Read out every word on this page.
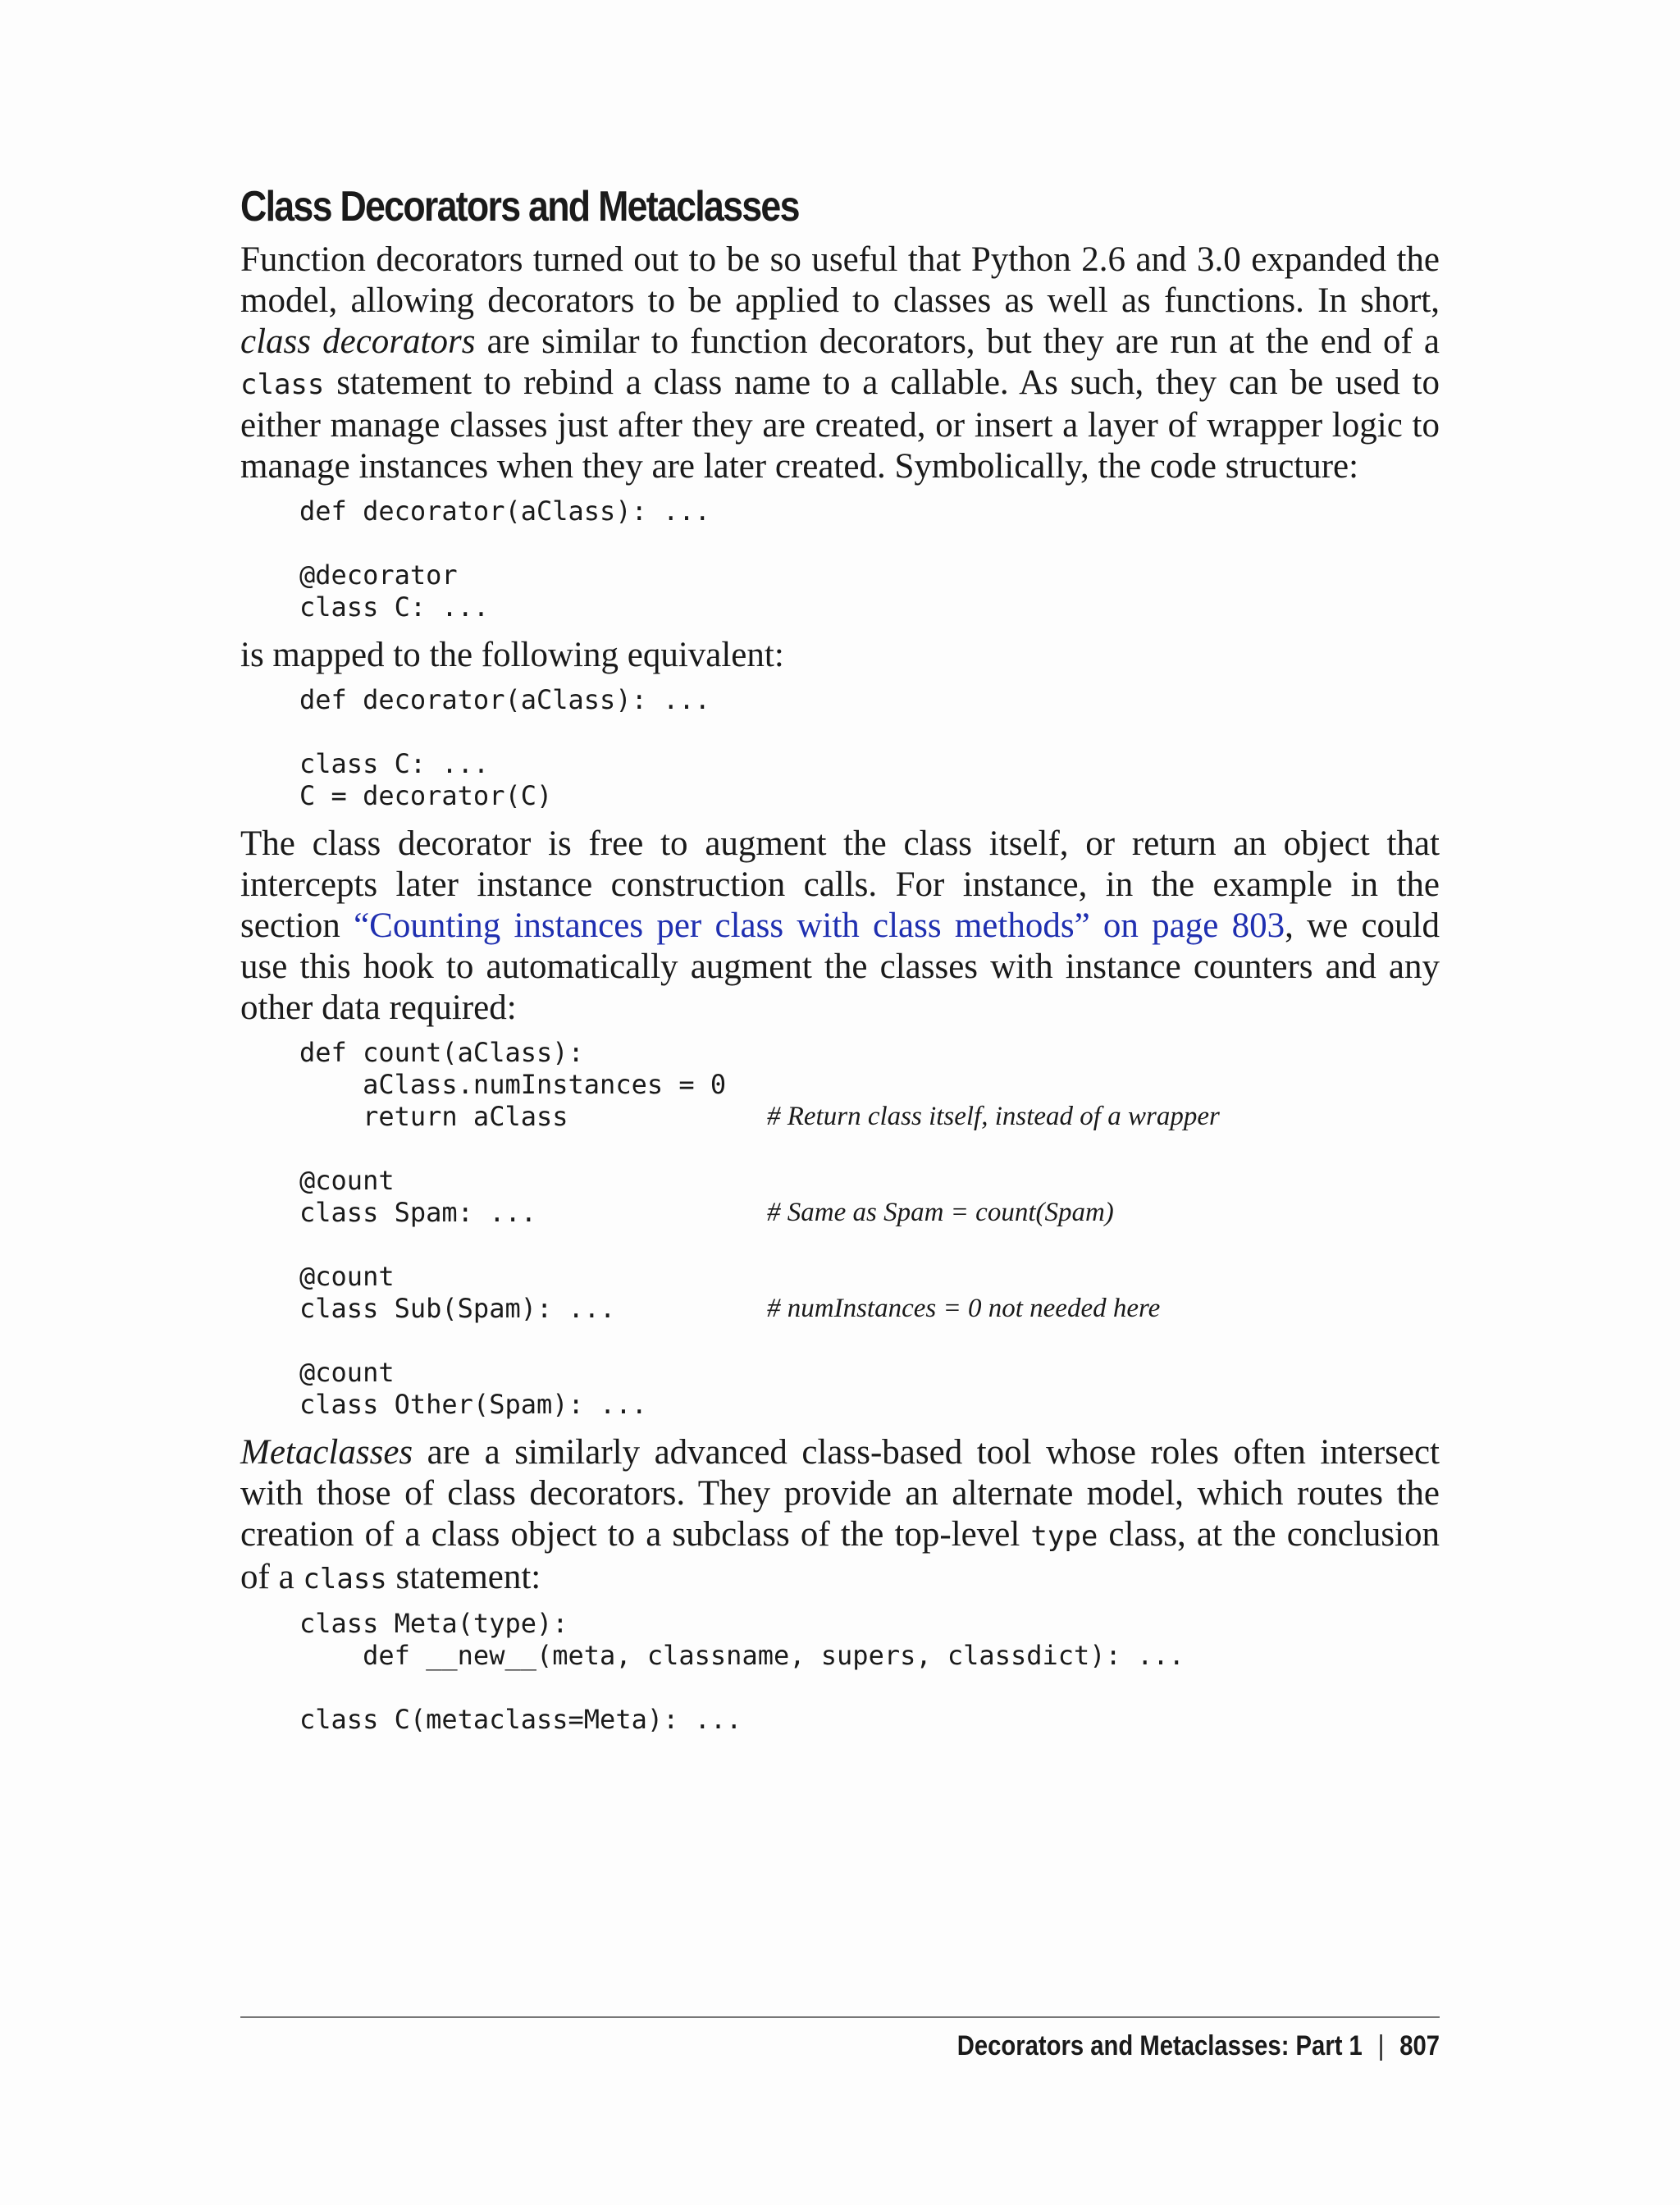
Class Decorators and Metaclasses

Function decorators turned out to be so useful that Python 2.6 and 3.0 expanded the model, allowing decorators to be applied to classes as well as functions. In short, class decorators are similar to function decorators, but they are run at the end of a class statement to rebind a class name to a callable. As such, they can be used to either manage classes just after they are created, or insert a layer of wrapper logic to manage instances when they are later created. Symbolically, the code structure:

def decorator(aClass): ...
@decorator
class C: ...

is mapped to the following equivalent:

def decorator(aClass): ...
class C: ...
C = decorator(C)

The class decorator is free to augment the class itself, or return an object that intercepts later instance construction calls. For instance, in the example in the section “Counting instances per class with class methods” on page 803, we could use this hook to automatically augment the classes with instance counters and any other data required:

def count(aClass):
aClass.numInstances = 0
return aClass	# Return class itself, instead of a wrapper
@count
class Spam: ...	# Same as Spam = count(Spam)
@count
class Sub(Spam): ...	# numInstances = 0 not needed here
@count
class Other(Spam): ...

Metaclasses are a similarly advanced class-based tool whose roles often intersect with those of class decorators. They provide an alternate model, which routes the creation of a class object to a subclass of the top-level type class, at the conclusion of a class statement:

class Meta(type):
def __new__(meta, classname, supers, classdict): ...
class C(metaclass=Meta): ...
Decorators and Metaclasses: Part 1 | 807
